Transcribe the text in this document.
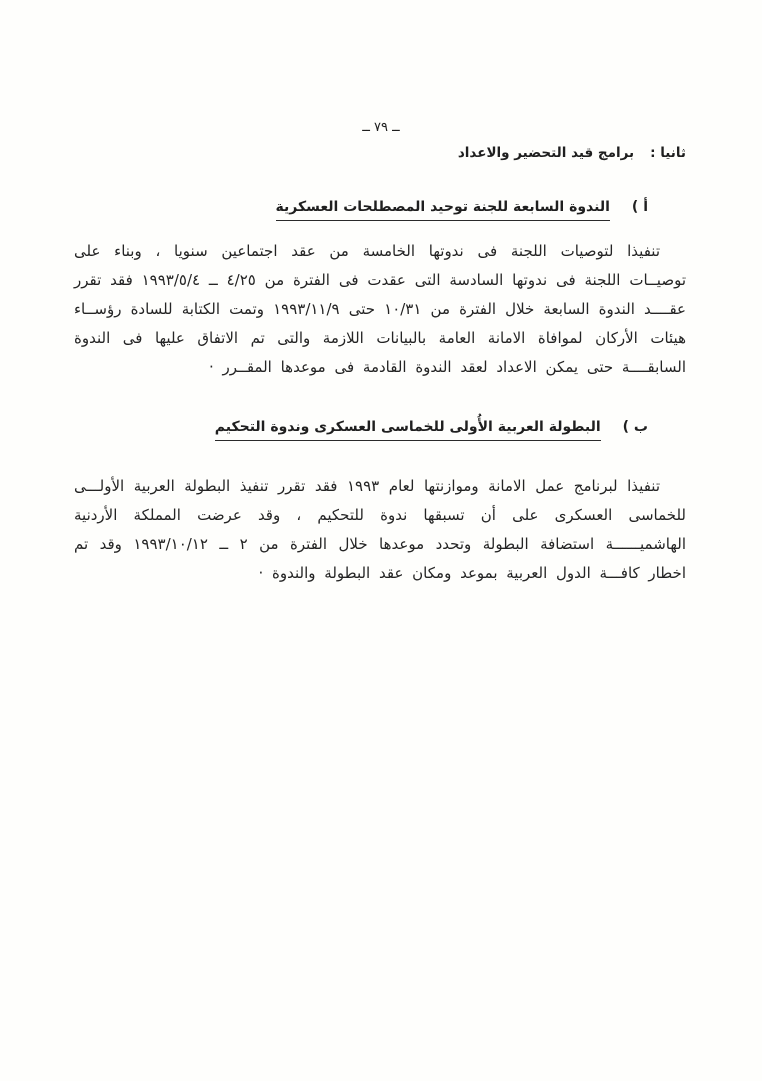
ــ ٧٩ ــ
ثانيا :برامج قيد التحضير والاعداد
أ )الندوة السابعة للجنة توحيد المصطلحات العسكرية

تنفيذا لتوصيات اللجنة فى ندوتها الخامسة من عقد اجتماعين سنويا ، وبناء على توصيــات اللجنة فى ندوتها السادسة التى عقدت فى الفترة من ٤/٢٥ ــ ١٩٩٣/٥/٤ فقد تقرر عقــــد الندوة السابعة خلال الفترة من ١٠/٣١ حتى ١٩٩٣/١١/٩ وتمت الكتابة للسادة رؤســاء هيئات الأركان لموافاة الامانة العامة بالبيانات اللازمة والتى تم الاتفاق عليها فى الندوة السابقــــة حتى يمكن الاعداد لعقد الندوة القادمة فى موعدها المقــرر ·

ب )البطولة العربية الأُولى للخماسى العسكرى وندوة التحكيم

تنفيذا لبرنامج عمل الامانة وموازنتها لعام ١٩٩٣ فقد تقرر تنفيذ البطولة العربية الأولـــى للخماسى العسكرى على أن تسبقها ندوة للتحكيم ، وقد عرضت المملكة الأردنية الهاشميــــــة استضافة البطولة وتحدد موعدها خلال الفترة من ٢ ــ ١٩٩٣/١٠/١٢ وقد تم اخطار كافـــة الدول العربية بموعد ومكان عقد البطولة والندوة ·
